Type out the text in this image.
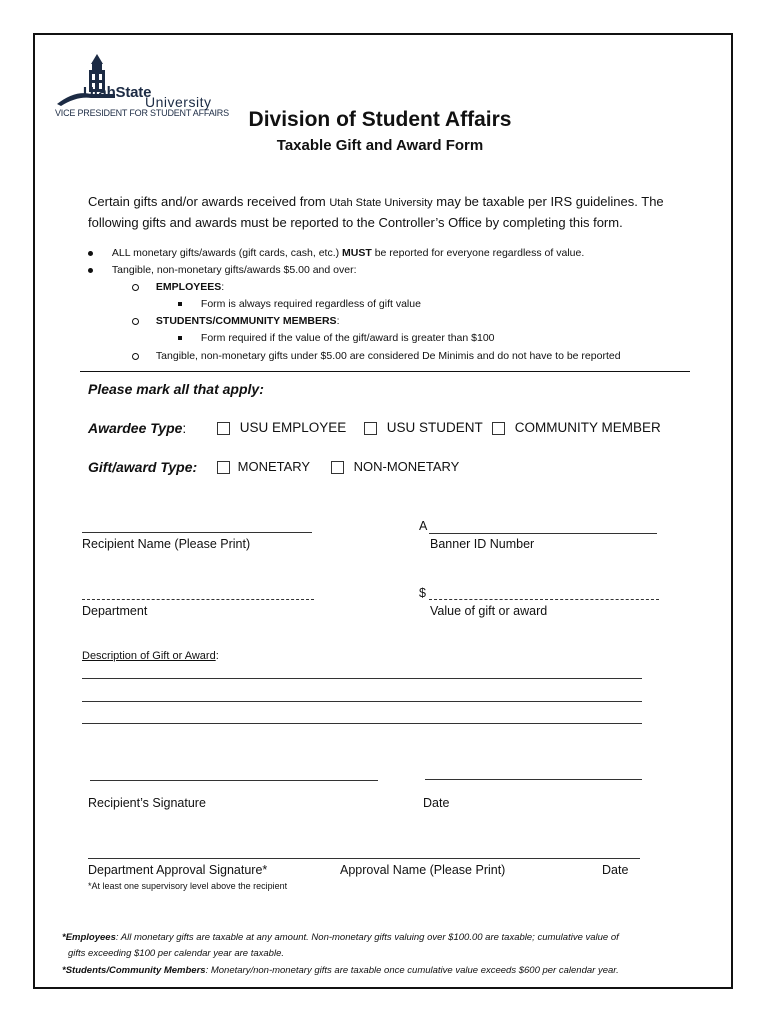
UtahState
University
VICE PRESIDENT FOR STUDENT AFFAIRS Division of Student Affairs
Taxable Gift and Award Form
Certain gifts and/or awards received from Utah State University may be taxable per IRS guidelines. The following gifts and awards must be reported to the Controller’s Office by completing this form.
ALL monetary gifts/awards (gift cards, cash, etc.) MUST be reported for everyone regardless of value.
Tangible, non-monetary gifts/awards $5.00 and over:
EMPLOYEES:
Form is always required regardless of gift value
STUDENTS/COMMUNITY MEMBERS:
Form required if the value of the gift/award is greater than $100
Tangible, non-monetary gifts under $5.00 are considered De Minimis and do not have to be reported
Please mark all that apply:
Awardee Type:	USU EMPLOYEE	USU STUDENT	COMMUNITY MEMBER
Gift/award Type:	MONETARY	NON-MONETARY
Recipient Name (Please Print)
A
Banner ID Number
Department
$
Value of gift or award
Description of Gift or Award:
Recipient’s Signature	Date
Department Approval Signature*	Approval Name (Please Print)	Date
*At least one supervisory level above the recipient
*Employees: All monetary gifts are taxable at any amount. Non-monetary gifts valuing over $100.00 are taxable; cumulative value of
gifts exceeding $100 per calendar year are taxable.
*Students/Community Members: Monetary/non-monetary gifts are taxable once cumulative value exceeds $600 per calendar year.
